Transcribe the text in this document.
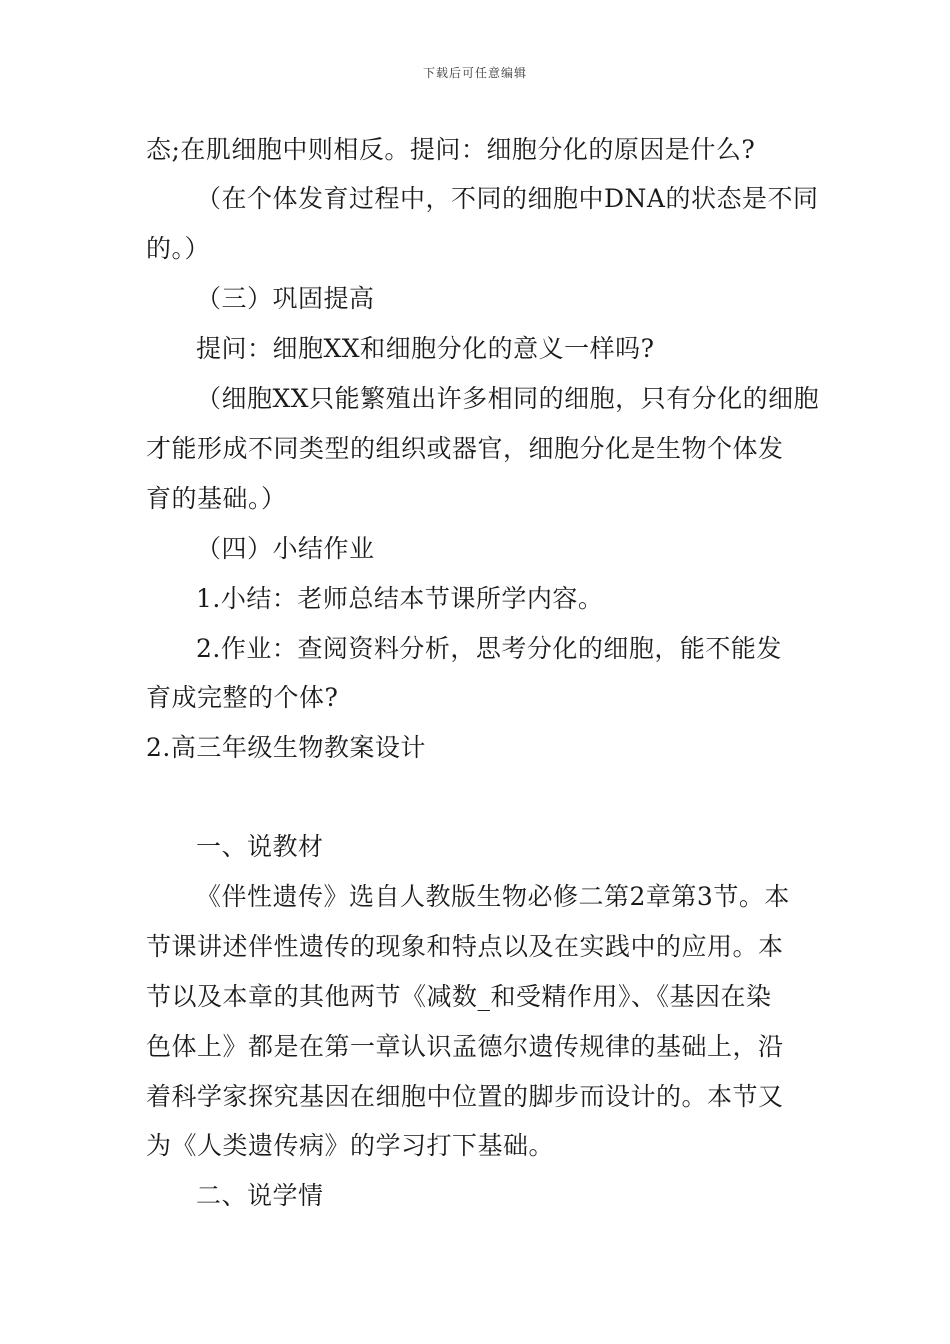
下载后可任意编辑
态;在肌细胞中则相反。提问：细胞分化的原因是什么?
（在个体发育过程中，不同的细胞中DNA的状态是不同
的。）
（三）巩固提高
提问：细胞XX和细胞分化的意义一样吗?
（细胞XX只能繁殖出许多相同的细胞，只有分化的细胞
才能形成不同类型的组织或器官，细胞分化是生物个体发
育的基础。）
（四）小结作业
1.小结：老师总结本节课所学内容。
2.作业：查阅资料分析，思考分化的细胞，能不能发
育成完整的个体?
2.高三年级生物教案设计
一、说教材
《伴性遗传》选自人教版生物必修二第2章第3节。本
节课讲述伴性遗传的现象和特点以及在实践中的应用。本
节以及本章的其他两节《减数_和受精作用》、《基因在染
色体上》都是在第一章认识孟德尔遗传规律的基础上，沿
着科学家探究基因在细胞中位置的脚步而设计的。本节又
为《人类遗传病》的学习打下基础。
二、说学情
